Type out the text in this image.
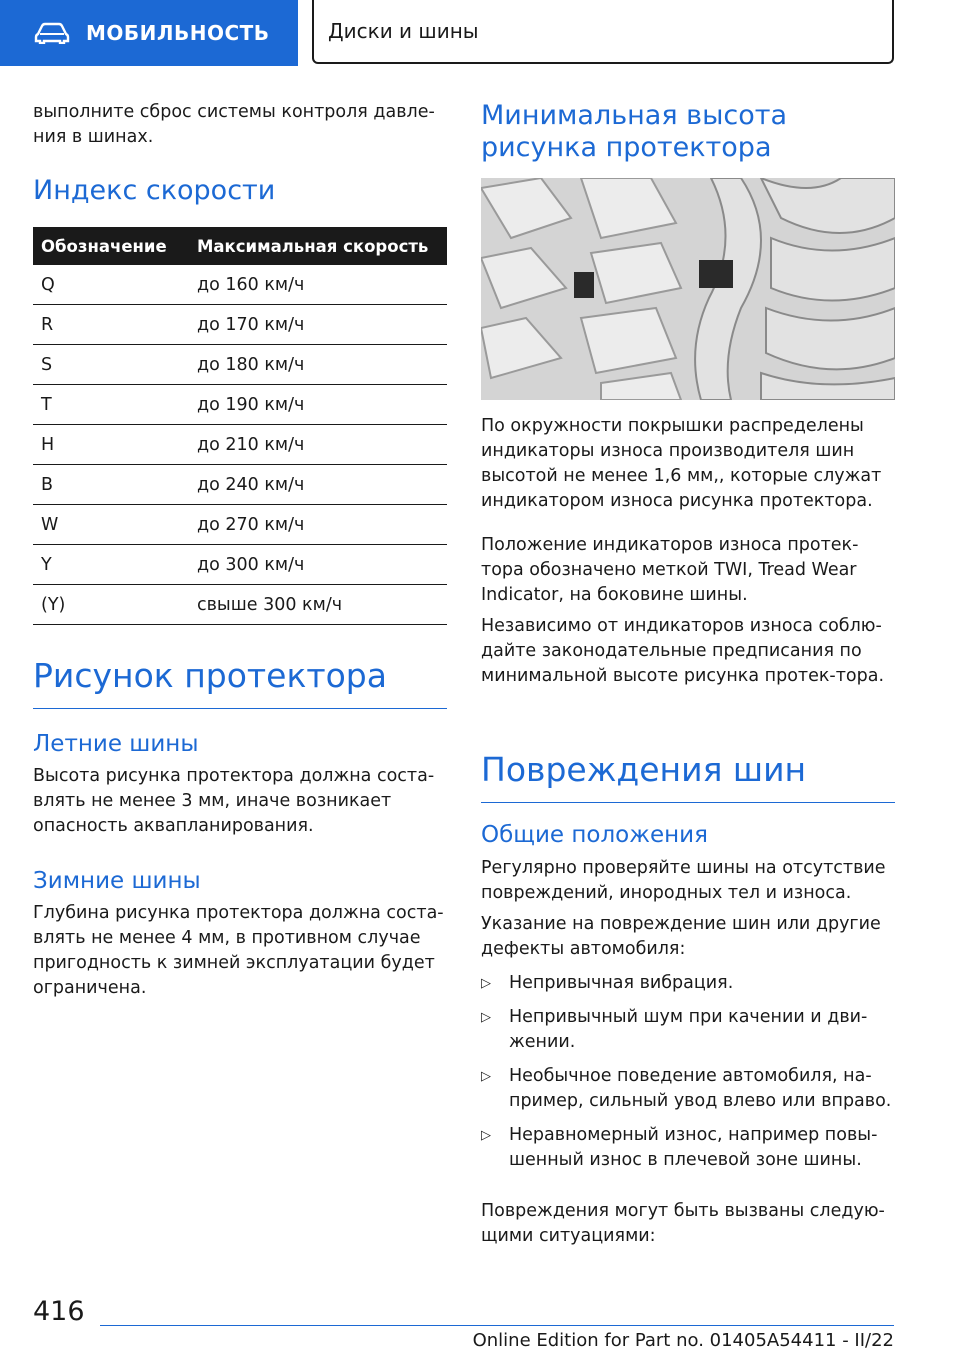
МОБИЛЬНОСТЬ	Диски и шины

выполните сброс системы контроля давле-ния в шинах.

Индекс скорости
Обозначение	Максимальная скорость
Q	до 160 км/ч
R	до 170 км/ч
S	до 180 км/ч
T	до 190 км/ч
H	до 210 км/ч
B	до 240 км/ч
W	до 270 км/ч
Y	до 300 км/ч
(Y)	свыше 300 км/ч
Рисунок протектора
Летние шины

Высота рисунка протектора должна соста-влять не менее 3 мм, иначе возникает опасность аквапланирования.

Зимние шины

Глубина рисунка протектора должна соста-влять не менее 4 мм, в противном случае пригодность к зимней эксплуатации будет ограничена.

Минимальная высота рисунка протектора

По окружности покрышки распределены индикаторы износа производителя шин высотой не менее 1,6 мм,, которые служат индикатором износа рисунка протектора.

Положение индикаторов износа протек-тора обозначено меткой TWI, Tread Wear Indicator, на боковине шины.

Независимо от индикаторов износа соблю-дайте законодательные предписания по минимальной высоте рисунка протек-тора.

Повреждения шин
Общие положения

Регулярно проверяйте шины на отсутствие повреждений, инородных тел и износа.

Указание на повреждение шин или другие дефекты автомобиля:

▷ Непривычная вибрация.
▷ Непривычный шум при качении и дви-жении.
▷ Необычное поведение автомобиля, на-пример, сильный увод влево или вправо.
▷ Неравномерный износ, например повы-шенный износ в плечевой зоне шины.

Повреждения могут быть вызваны следую-щими ситуациями:

416
Online Edition for Part no. 01405A54411 - II/22
